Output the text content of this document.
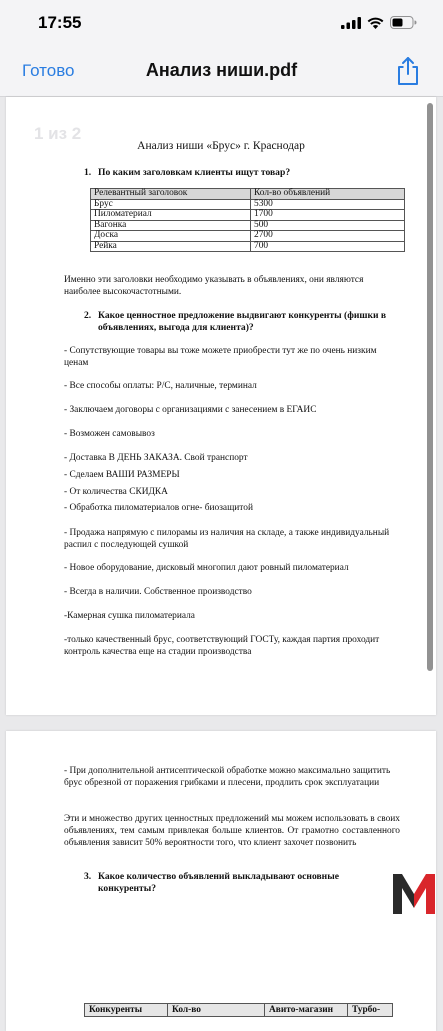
17:55
Готово	Анализ ниши.pdf
1 из 2
Анализ ниши «Брус» г. Краснодар
1. По каким заголовкам клиенты ищут товар?
Релевантный заголовок	Кол-во объявлений
Брус	5300
Пиломатериал	1700
Вагонка	500
Доска	2700
Рейка	700
Именно эти заголовки необходимо указывать в объявлениях, они являются наиболее высокочастотными.
2. Какое ценностное предложение выдвигают конкуренты (фишки в объявлениях, выгода для клиента)?
- Сопутствующие товары вы тоже можете приобрести тут же по очень низким ценам
- Все способы оплаты: Р/С, наличные, терминал
- Заключаем договоры с организациями с занесением в ЕГАИС
- Возможен самовывоз
- Доставка В ДЕНЬ ЗАКАЗА. Свой транспорт
- Сделаем ВАШИ РАЗМЕРЫ
- От количества СКИДКА
- Обработка пиломатериалов огне- биозащитой
- Продажа напрямую с пилорамы из наличия на складе, а также индивидуальный распил с последующей сушкой
- Новое оборудование, дисковый многопил дают ровный пиломатериал
- Всегда в наличии. Собственное производство
-Камерная сушка пиломатериала
-только качественный брус, соответствующий ГОСТу, каждая партия проходит контроль качества еще на стадии производства
- При дополнительной антисептической обработке можно максимально защитить брус обрезной от поражения грибками и плесени, продлить срок эксплуатации
Эти и множество других ценностных предложений мы можем использовать в своих объявлениях, тем самым привлекая больше клиентов. От грамотно составленного объявления зависит 50% вероятности того, что клиент захочет позвонить
3. Какое количество объявлений выкладывают основные конкуренты?
Конкуренты	Кол-во	Авито-магазин	Турбо-
